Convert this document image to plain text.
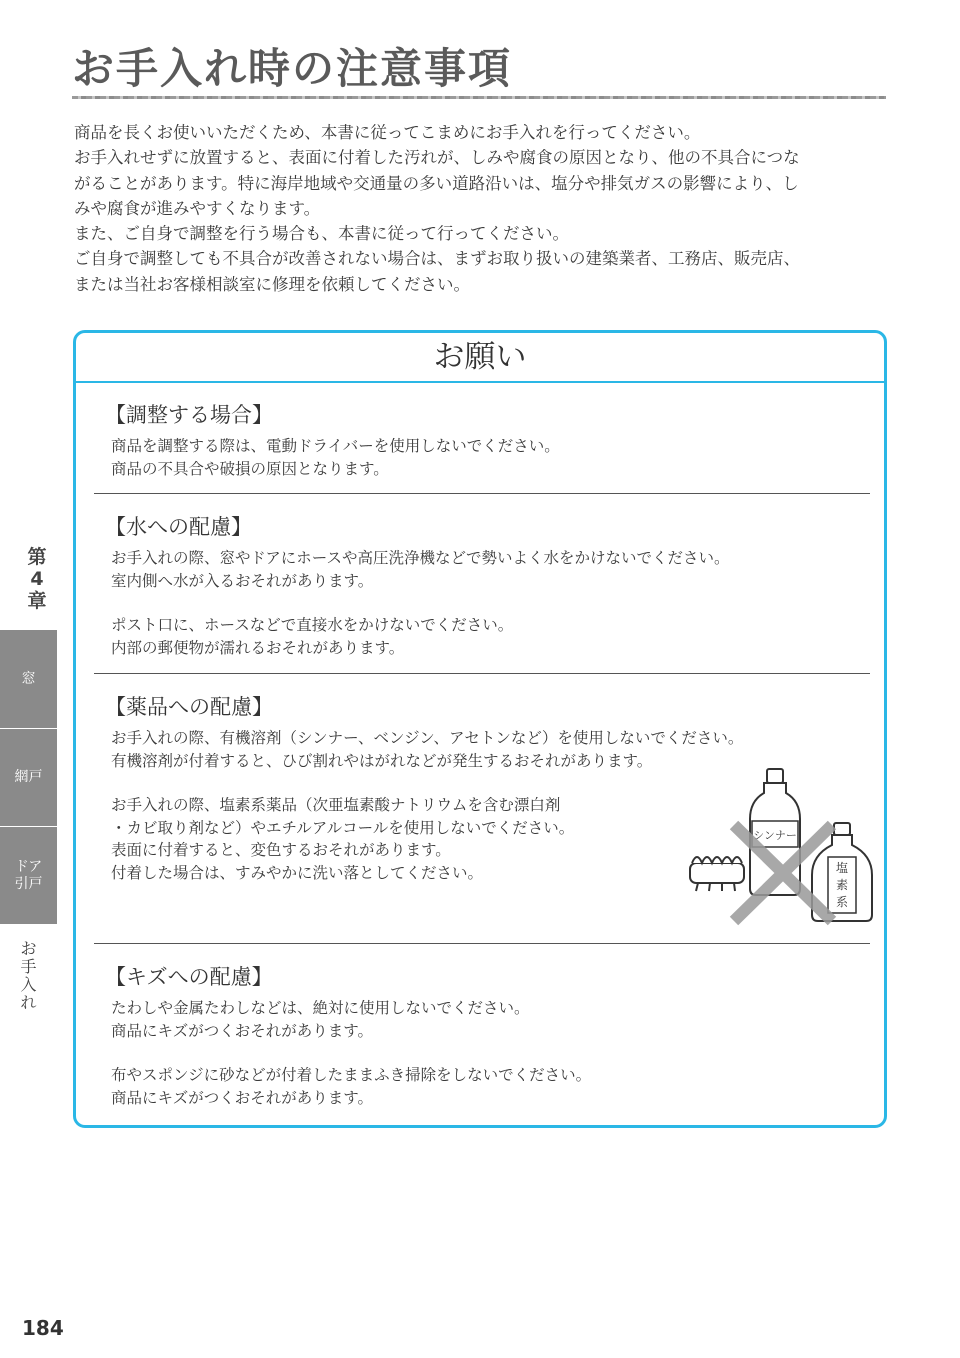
お手入れ時の注意事項

商品を長くお使いいただくため、本書に従ってこまめにお手入れを行ってください。

お手入れせずに放置すると、表面に付着した汚れが、しみや腐食の原因となり、他の不具合につな

がることがあります。特に海岸地域や交通量の多い道路沿いは、塩分や排気ガスの影響により、し

みや腐食が進みやすくなります。

また、ご自身で調整を行う場合も、本書に従って行ってください。

ご自身で調整しても不具合が改善されない場合は、まずお取り扱いの建築業者、工務店、販売店、

または当社お客様相談室に修理を依頼してください。

お願い
【調整する場合】

商品を調整する際は、電動ドライバーを使用しないでください。

商品の不具合や破損の原因となります。

【水への配慮】

お手入れの際、窓やドアにホースや高圧洗浄機などで勢いよく水をかけないでください。

室内側へ水が入るおそれがあります。

ポスト口に、ホースなどで直接水をかけないでください。

内部の郵便物が濡れるおそれがあります。

【薬品への配慮】

お手入れの際、有機溶剤（シンナー、ベンジン、アセトンなど）を使用しないでください。

有機溶剤が付着すると、ひび割れやはがれなどが発生するおそれがあります。

お手入れの際、塩素系薬品（次亜塩素酸ナトリウムを含む漂白剤

・カビ取り剤など）やエチルアルコールを使用しないでください。

表面に付着すると、変色するおそれがあります。

付着した場合は、すみやかに洗い落としてください。

シンナー
塩
素
系
【キズへの配慮】

たわしや金属たわしなどは、絶対に使用しないでください。

商品にキズがつくおそれがあります。

布やスポンジに砂などが付着したままふき掃除をしないでください。

商品にキズがつくおそれがあります。

第
4
章
窓
網戸
ドア
引戸
お
手
入
れ
184
